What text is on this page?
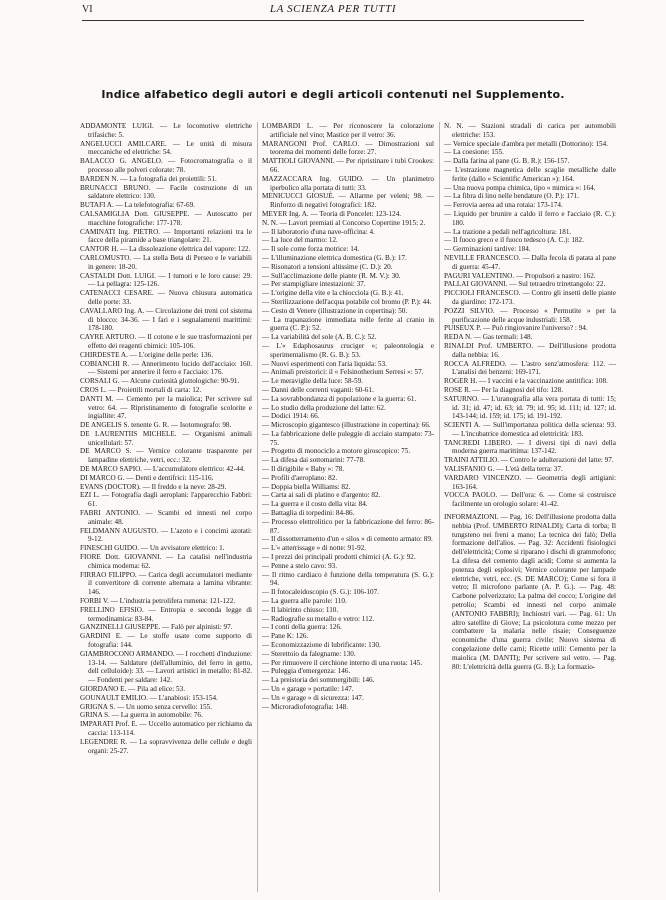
VI	LA SCIENZA PER TUTTI
Indice alfabetico degli autori e degli articoli contenuti nel Supplemento.

ADDAMONTE LUIGI. — Le locomotive elettriche trifasiche: 5.

ANGELUCCI AMILCARE. — Le unità di misura meccaniche ed elettriche: 54.

BALACCO G. ANGELO. — Fotocromatografia o il processo alle polveri colorate: 78.

BARDEN N. — La fotografia dei proiettili: 51.

BRUNACCI BRUNO. — Facile costruzione di un saldatore elettrico: 130.

BUTAFI A. — La telefotografia: 67-69.

CALSAMIGLIA Dott. GIUSEPPE. — Autoscatto per macchine fotografiche: 177-178.

CAMINATI Ing. PIETRO. — Importanti relazioni tra le facce della piramide a base triangolare: 21.

CANTOR H. — La dissoleazione elettrica del vapore: 122.

CARLOMUSTO. — La stella Beta di Perseo e le variabili in genere: 18-20.

CASTALDI Dott. LUIGI. — I tumori e le loro cause: 29. — La pellagra: 125-126.

CATENACCI CESARE. — Nuova chiusura automatica delle porte: 33.

CAVALLARO Ing. A. — Circolazione dei treni col sistema di blocco: 34-36. — I fari e i segnalamenti marittimi: 178-180.

CAYRE ARTURO. — Il cotone e le sue trasformazioni per effetto dei reagenti chimici: 105-106.

CHIRDESTE A. — L'origine delle perle: 136.

COBIANCHI R. — Annerimento lucido dell'acciaio: 160. — Sistemi per annerire il ferro e l'acciaio: 176.

CORSALI G. — Alcune curiosità glottologiche: 90-91.

CROS L. — Proiettili mortali di carta: 12.

DANTI M. — Cemento per la maiolica; Per scrivere sul vetro: 64. — Ripristinamento di fotografie scolorite e ingiallite: 47.

DE ANGELIS S. tenente G. R. — Isotomografo: 98.

DE LAURENTIIS MICHELE. — Organismi animali unicellulari: 57.

DE MARCO S. — Vernice colorante trasparente per lampadine elettriche, vetri, ecc.: 32.

DE MARCO SAPIO. — L'accumulatore elettrico: 42-44.

DI MARCO G. — Denti e dentifrici: 115-116.

EVANS (DOCTOR). — Il freddo e la neve: 28-29.

EZI L. — Fotografia dagli aeroplani: l'apparecchio Fabbri: 61.

FABRI ANTONIO. — Scambi ed innesti nel corpo animale: 48.

FELDMANN AUGUSTO. — L'azoto e i concimi azotati: 9-12.

FINESCHI GUIDO. — Un avvisatore elettrico: 1.

FIORE Dott. GIOVANNI. — La catalisi nell'industria chimica moderna: 62.

FIRRAO FILIPPO. — Carica degli accumulatori mediante il convertitore di corrente alternata a lamina vibrante: 146.

FORBI V. — L'industria petrolifera rumena: 121-122.

FRELLINO EFISIO. — Entropia e seconda legge di termodinamica: 83-84.

GANZINELLI GIUSEPPE. — Falò per alpinisti: 97.

GARDINI E. — Le stoffe usate come supporto di fotografia: 144.

GIAMBROCONO ARMANDO. — I rocchetti d'induzione: 13-14. — Saldature (dell'alluminio, del ferro in getto, dell celluloide): 33. — Lavori artistici in metallo: 81-82. — Fondenti per saldare: 142.

GIORDANO E. — Pila ad elice: 53.

GOUNAULT EMILIO. — L'anabiosi: 153-154.

GRIGNA S. — Un uomo senza cervello: 155.

GRINA S. — La guerra in automobile: 76.

IMPARATI Prof. E. — Uccello automatico per richiamo da caccia: 113-114.

LEGENDRE R. — La sopravvivenza delle cellule e degli organi: 25-27.

LOMBARDI L. — Per riconoscere la colorazione artificiale nel vino; Mastice per il vetro: 36.

MARANGONI Prof. CARLO. — Dimostrazioni sul teorema dei momenti delle forze: 27.

MATTIOLI GIOVANNI. — Per ripristinare i tubi Crookes: 66.

MAZZACCARA Ing. GUIDO. — Un planimetro iperbolico alla portata di tutti: 33.

MENICUCCI GIOSUÈ. — Allarme per veleni; 98. — Rinforzo di negativi fotografici: 182.

MEYER Ing. A. — Teoria di Poncelet: 123-124.

N. N. — Lavori premiati al Concorso Copertine 1915: 2.

— Il laboratorio d'una nave-officina: 4.

— La luce del marmo: 12.

— Il sole come forza motrice: 14.

— L'illuminazione elettrica domestica (G. B.): 17.

— Risonatori a tensioni altissime (C. D.): 20.

— Sull'acclimazione delle piante (R. M. V.): 30.

— Per stampigliare intestazioni: 37.

— L'origine della vite e la chiocciola (G. B.): 41.

— Sterilizzazione dell'acqua potabile col bromo (P. P.): 44.

— Cesto di Venere (illustrazione in copertina): 50.

— La trapanazione immediata nelle ferite al cranio in guerra (C. P.): 52.

— La variabilità del sole (A. B. C.): 52.

— L'« Edaphosaurus cruciger »; paleontologia e sperimentalismo (R. G. B.): 53.

— Nuovi esperimenti con l'aria liquida: 53.

— Animali preistorici: il « Felsinotherium Serresi »: 57.

— Le meraviglie della luce: 58-59.

— Danni delle correnti vaganti: 60-61.

— La sovrabbondanza di popolazione e la guerra: 61.

— Lo studio della produzione del latte: 62.

— Dodici 1914: 66.

— Microscopio gigantesco (illustrazione in copertina): 66.

— La fabbricazione delle puleggie di acciaio stampato: 73-75.

— Progetto di monociclo a motore giroscopico: 75.

— La difesa dai sottomarini: 77-78.

— Il dirigibile « Baby »: 78.

— Profili d'aeroplano: 82.

— Doppia biella Williams: 82.

— Carta ai sali di platino e d'argento: 82.

— La guerra e il costo della vita: 84.

— Battaglia di torpedini: 84-86.

— Processo elettrolitico per la fabbricazione del ferro: 86-87.

— Il dissotterramento d'un « silos » di cemento armato: 89.

— L'« atterrissage » di notte: 91-92.

— I prezzi dei principali prodotti chimici (A. G.): 92.

— Penne a stelo cavo: 93.

— Il ritmo cardiaco è funzione della temperatura (S. G.): 94.

— Il fotocaleidoscopio (S. G.): 106-107.

— La guerra alle parole: 110.

— Il labirinto chiuso: 110.

— Radiografie su metallo e vetro: 112.

— I conti della guerra: 126.

— Pane K: 126.

— Economizzazione di lubrificante: 130.

— Sterettoio da falegname: 130.

— Per rimuovere il cerchione interno di una ruota: 145.

— Puleggia d'emergenza: 146.

— La preistoria dei sommergibili: 146.

— Un « garage » portatile: 147.

— Un « garage » di sicurezza: 147.

— Microradiofotografia: 148.

N. N. — Stazioni stradali di carica per automobili elettriche: 153.

— Vernice speciale d'ambra per metalli (Dottorino): 154.

— La coesione: 155.

— Dalla farina al pane (G. B. R.): 156-157.

— L'estrazione magnetica delle scaglie metalliche dalle ferite (dallo « Scientific American »): 164.

— Una nuova pompa chimica, tipo « mimica »: 164.

— La fibra di lino nelle bendature (O. P.): 171.

— Ferrovia aerea ad una rotaia: 173-174.

— Liquido per brunire a caldo il ferro e l'acciaio (R. C.): 180.

— La trazione a pedali nell'agricoltura: 181.

— Il fuoco greco e il fuoco tedesco (A. C.): 182.

— Germinazioni tardive: 184.

NEVILLE FRANCESCO. — Dalla fecola di patata al pane di guerra: 45-47.

PAGURI VALENTINO. — Propulsori a nastro: 162.

PALLAI GIOVANNI. — Sul tetraedro trirettangolo: 22.

PICCIOLI FRANCESCO. — Contro gli insetti delle piante da giardino: 172-173.

POZZI SILVIO. — Processo « Permutite » per la purificazione delle acque industriali: 158.

PUISEUX P. — Può ringiovanire l'universo? : 94.

REDA N. — Gas termali: 148.

RINALDI Prof. UMBERTO. — Dell'illusione prodotta dalla nebbia: 16.

ROCCA ALFREDO. — L'astro senz'atmosfera: 112. — L'analisi dei benzeni: 169-171.

ROGER H. — I vaccini e la vaccinazione antitifica: 108.

ROSE R. — Per la diagnosi del tifo: 128.

SATURNO. — L'uranografia alla vera portata di tutti: 15; id. 31; id. 47; id. 63; id. 79; id. 95; id. 111; id. 127; id. 143-144; id. 159; id. 175; id. 191-192.

SCIENTI A. — Sull'importanza politica della scienza: 93. — L'incubatrice domestica ad elettricità: 183.

TANCREDI LIBERO. — I diversi tipi di navi della moderna guerra marittima: 137-142.

TRAINI ATTILIO. — Contro le adulterazioni del latte: 97.

VALISFANIO G. — L'età della terra: 37.

VARDARO VINCENZO. — Geometria degli artigiani: 163-164.

VOCCA PAOLO. — Dell'ora: 6. — Come si costruisce facilmente un orologio solare: 41-42.

INFORMAZIONI. — Pag. 16: Dell'illusione prodotta dalla nebbia (Prof. UMBERTO RINALDI); Carta di torba; Il tungsteno nei freni a mano; La tecnica dei falò; Della formazione dell'alios. — Pag. 32: Accidenti fisiologici dell'elettricità; Come si riparano i dischi di grammofono; La difesa del cemento dagli acidi; Come si aumenta la potenza degli esplosivi; Vernice colorante per lampade elettriche, vetri, ecc. (S. DE MARCO); Come si fora il vetro; Il microfono parlante (A. P. G.). — Pag. 48: Carbone polverizzato; La palma del cocco; L'origine del petrolio; Scambi ed innesti nel corpo animale (ANTONIO FABBRI); Inchiostri vari. — Pag. 61: Un altro satellite di Giove; La psicolotura come mezzo per combattere la malaria nelle risaie; Conseguenze economiche d'una guerra civile; Nuovo sistema di congelazione delle carni; Ricette utili: Cemento per la maiolica (M. DANTI); Per scrivere sul vetro. — Pag. 80: L'elettricità della guerra (G. B.); La formazio-
